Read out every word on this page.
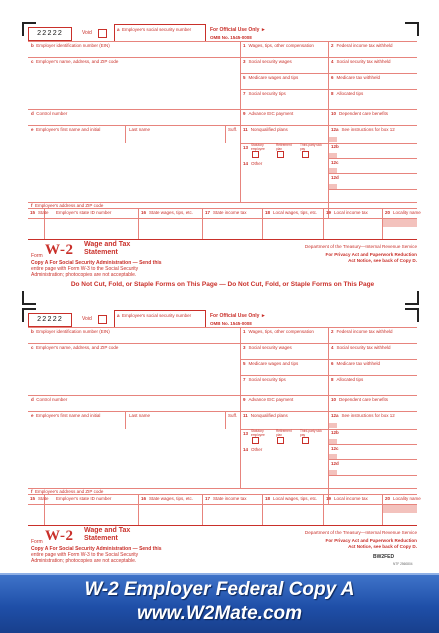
22222	Void
a Employee's social security number	For Official Use Only ►
OMB No. 1545-0008
b Employer identification number (EIN)
c Employer's name, address, and ZIP code
d Control number
e Employee's first name and initial	Last name	Suff.
f Employee's address and ZIP code
1 Wages, tips, other compensation	2 Federal income tax withheld
3 Social security wages	4 Social security tax withheld
5 Medicare wages and tips	6 Medicare tax withheld
7 Social security tips	8 Allocated tips
9 Advance EIC payment	10 Dependent care benefits
11 Nonqualified plans	12a See instructions for box 12
12b
12c
12d
13 Statutory employee
Retirement plan
Third-party sick pay
14 Other
15 State Employer's state ID number	16 State wages, tips, etc.	17 State income tax	18 Local wages, tips, etc. 19 Local income tax	20 Locality name
Form W-2 Wage and Tax
Statement
Copy A For Social Security Administration — Send this
entire page with Form W-3 to the Social Security
Administration; photocopies are not acceptable.
Department of the Treasury—Internal Revenue Service
For Privacy Act and Paperwork Reduction
Act Notice, see back of Copy D.
Do Not Cut, Fold, or Staple Forms on This Page — Do Not Cut, Fold, or Staple Forms on This Page
22222	Void
a Employee's social security number	For Official Use Only ►
OMB No. 1545-0008
b Employer identification number (EIN)
c Employer's name, address, and ZIP code
d Control number
e Employee's first name and initial	Last name	Suff.
f Employee's address and ZIP code
1 Wages, tips, other compensation	2 Federal income tax withheld
3 Social security wages	4 Social security tax withheld
5 Medicare wages and tips	6 Medicare tax withheld
7 Social security tips	8 Allocated tips
9 Advance EIC payment	10 Dependent care benefits
11 Nonqualified plans	12a See instructions for box 12
12b
12c
12d
13 Statutory employee
Retirement plan
Third-party sick pay
14 Other
15 State Employer's state ID number	16 State wages, tips, etc.	17 State income tax	18 Local wages, tips, etc. 19 Local income tax	20 Locality name
Form W-2 Wage and Tax
Statement
Copy A For Social Security Administration — Send this
entire page with Form W-3 to the Social Security
Administration; photocopies are not acceptable.
Department of the Treasury—Internal Revenue Service
For Privacy Act and Paperwork Reduction
Act Notice, see back of Copy D.
BW2FED
NTF 2560804
W-2 Employer Federal Copy A
www.W2Mate.com
